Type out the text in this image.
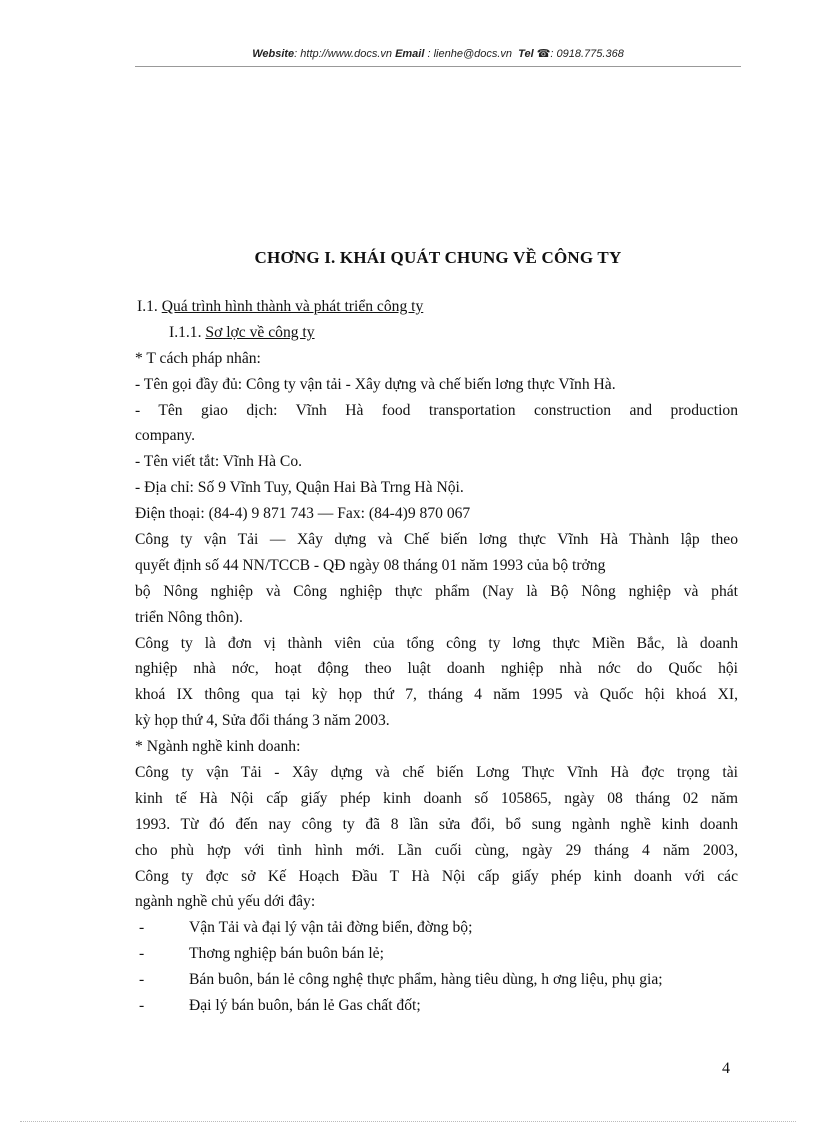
Website: http://www.docs.vn Email : lienhe@docs.vn Tel ☎: 0918.775.368
CHƠNG I. KHÁI QUÁT CHUNG VỀ CÔNG TY
I.1. Quá trình hình thành và phát triển công ty
I.1.1. Sơ lợc về công ty
* T cách pháp nhân:
- Tên gọi đầy đủ: Công ty vận tải - Xây dựng và chế biến lơng thực Vĩnh Hà.
- Tên giao dịch: Vĩnh Hà food transportation construction and production
company.
- Tên viết tắt: Vĩnh Hà Co.
- Địa chỉ: Số 9 Vĩnh Tuy, Quận Hai Bà Trng Hà Nội.
Điện thoại: (84-4) 9 871 743 — Fax: (84-4)9 870 067
Công ty vận Tải — Xây dựng và Chế biến lơng thực Vĩnh Hà Thành lập theo
quyết định số 44 NN/TCCB - QĐ ngày 08 tháng 01 năm 1993 của bộ trởng
bộ Nông nghiệp và Công nghiệp thực phẩm (Nay là Bộ Nông nghiệp và phát
triển Nông thôn).
Công ty là đơn vị thành viên của tổng công ty lơng thực Miền Bắc, là doanh
nghiệp nhà nớc, hoạt động theo luật doanh nghiệp nhà nớc do Quốc hội
khoá IX thông qua tại kỳ họp thứ 7, tháng 4 năm 1995 và Quốc hội khoá XI,
kỳ họp thứ 4, Sửa đổi tháng 3 năm 2003.
* Ngành nghề kinh doanh:
Công ty vận Tải - Xây dựng và chế biến Lơng Thực Vĩnh Hà đợc trọng tài
kinh tế Hà Nội cấp giấy phép kinh doanh số 105865, ngày 08 tháng 02 năm
1993. Từ đó đến nay công ty đã 8 lần sửa đổi, bổ sung ngành nghề kinh doanh
cho phù hợp với tình hình mới. Lần cuối cùng, ngày 29 tháng 4 năm 2003,
Công ty đợc sở Kế Hoạch Đầu T Hà Nội cấp giấy phép kinh doanh với các
ngành nghề chủ yếu dới đây:
-	Vận Tải và đại lý vận tải đờng biển, đờng bộ;
-	Thơng nghiệp bán buôn bán lẻ;
-	Bán buôn, bán lẻ công nghệ thực phẩm, hàng tiêu dùng, h ơng liệu, phụ gia;
-	Đại lý bán buôn, bán lẻ Gas chất đốt;
4
